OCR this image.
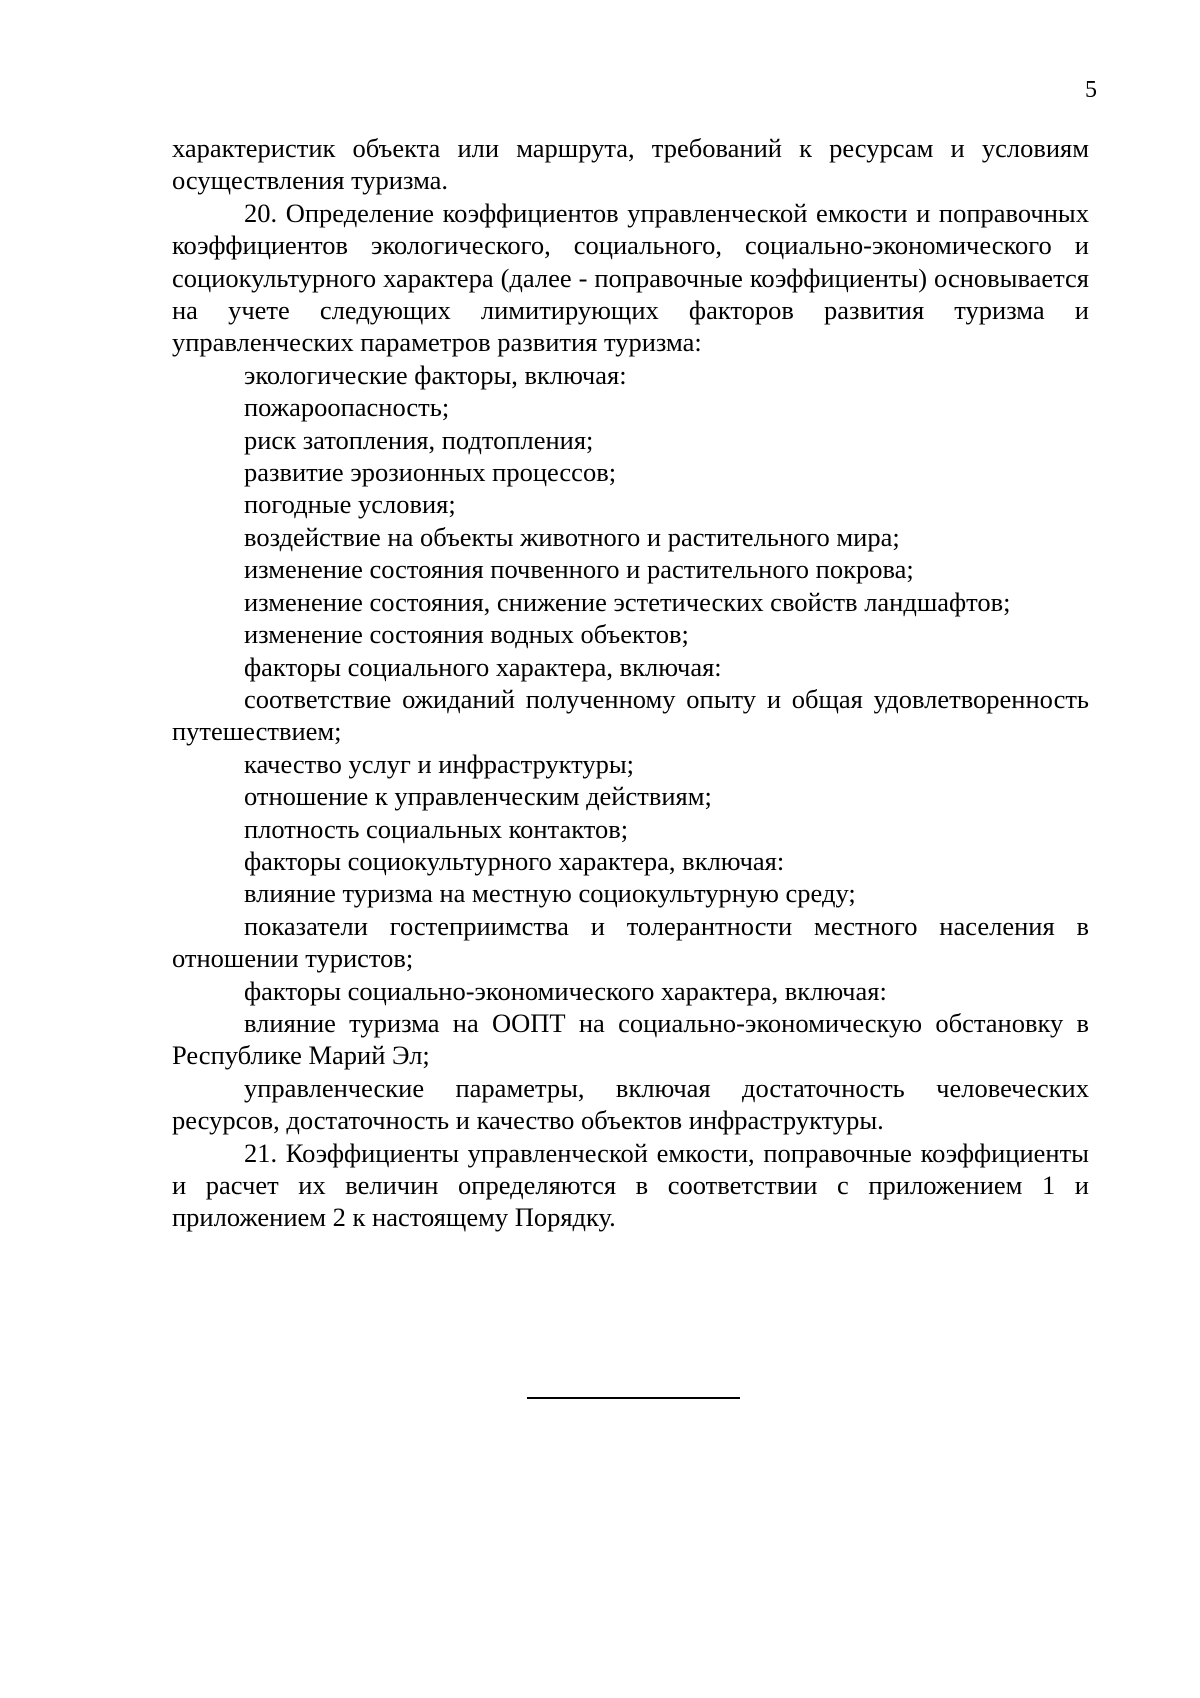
5

характеристик объекта или маршрута, требований к ресурсам и условиям осуществления туризма.

20. Определение коэффициентов управленческой емкости и поправочных коэффициентов экологического, социального, социально-экономического и социокультурного характера (далее - поправочные коэффициенты) основывается на учете следующих лимитирующих факторов развития туризма и управленческих параметров развития туризма:

экологические факторы, включая:

пожароопасность;

риск затопления, подтопления;

развитие эрозионных процессов;

погодные условия;

воздействие на объекты животного и растительного мира;

изменение состояния почвенного и растительного покрова;

изменение состояния, снижение эстетических свойств ландшафтов;

изменение состояния водных объектов;

факторы социального характера, включая:

соответствие ожиданий полученному опыту и общая удовлетворенность путешествием;

качество услуг и инфраструктуры;

отношение к управленческим действиям;

плотность социальных контактов;

факторы социокультурного характера, включая:

влияние туризма на местную социокультурную среду;

показатели гостеприимства и толерантности местного населения в отношении туристов;

факторы социально-экономического характера, включая:

влияние туризма на ООПТ на социально-экономическую обстановку в Республике Марий Эл;

управленческие параметры, включая достаточность человеческих ресурсов, достаточность и качество объектов инфраструктуры.

21. Коэффициенты управленческой емкости, поправочные коэффициенты и расчет их величин определяются в соответствии с приложением 1 и приложением 2 к настоящему Порядку.
